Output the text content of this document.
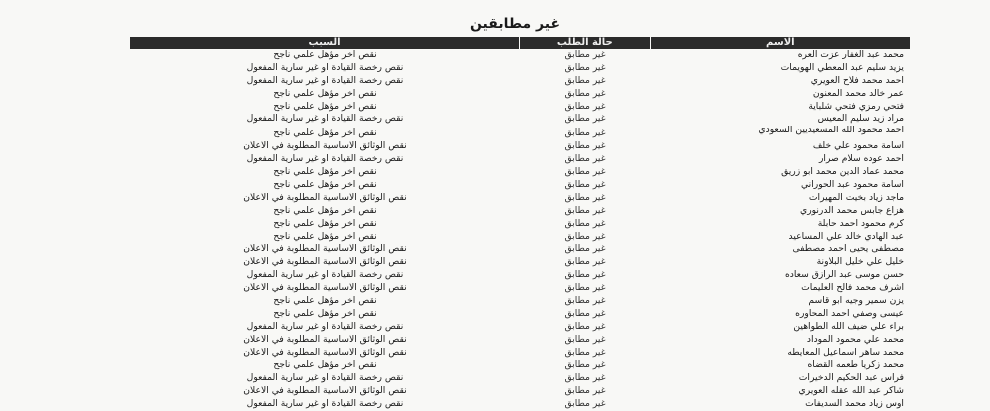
غير مطابقين
الاسم
حالة الطلب
السبب
محمد عبد الغفار عزت العره
غير مطابق
نقص اخر مؤهل علمي ناجح
يزيد سليم عبد المعطي الهويمات
غير مطابق
نقص رخصة القيادة او غير سارية المفعول
احمد محمد فلاح العويري
غير مطابق
نقص رخصة القيادة او غير سارية المفعول
عمر خالد محمد المعنون
غير مطابق
نقص اخر مؤهل علمي ناجح
فتحي رمزي فتحي شلباية
غير مطابق
نقص اخر مؤهل علمي ناجح
مراد زيد سليم المعيس
غير مطابق
نقص رخصة القيادة او غير سارية المفعول
احمد محمود الله المسعيديين السعودي
غير مطابق
نقص اخر مؤهل علمي ناجح
اسامة محمود علي خلف
غير مطابق
نقص الوثائق الاساسية المطلوبة في الاعلان
احمد عوده سلام صرار
غير مطابق
نقص رخصة القيادة او غير سارية المفعول
محمد عماد الدين محمد ابو زريق
غير مطابق
نقص اخر مؤهل علمي ناجح
اسامة محمود عبد الحوراني
غير مطابق
نقص اخر مؤهل علمي ناجح
ماجد زياد بخيت المهيرات
غير مطابق
نقص الوثائق الاساسية المطلوبة في الاعلان
هزاع جابس محمد الدرنوري
غير مطابق
نقص اخر مؤهل علمي ناجح
كرم محمود احمد حابلة
غير مطابق
نقص اخر مؤهل علمي ناجح
عبد الهادي خالد علي المساعيد
غير مطابق
نقص اخر مؤهل علمي ناجح
مصطفى يحيى احمد مصطفى
غير مطابق
نقص الوثائق الاساسية المطلوبة في الاعلان
خليل علي خليل البلاونة
غير مطابق
نقص الوثائق الاساسية المطلوبة في الاعلان
حسن موسى عبد الرازق سعاده
غير مطابق
نقص رخصة القيادة او غير سارية المفعول
اشرف محمد فالح العليمات
غير مطابق
نقص الوثائق الاساسية المطلوبة في الاعلان
يزن سمير وجيه ابو قاسم
غير مطابق
نقص اخر مؤهل علمي ناجح
عيسى وصفي احمد المحاوره
غير مطابق
نقص اخر مؤهل علمي ناجح
براء علي ضيف الله الطواهين
غير مطابق
نقص رخصة القيادة او غير سارية المفعول
محمد علي محمود الموداد
غير مطابق
نقص الوثائق الاساسية المطلوبة في الاعلان
محمد ساهر اسماعيل المعايطه
غير مطابق
نقص الوثائق الاساسية المطلوبة في الاعلان
محمد زكريا طعمه القضاه
غير مطابق
نقص اخر مؤهل علمي ناجح
فراس عبد الحكيم الدخيرات
غير مطابق
نقص رخصة القيادة او غير سارية المفعول
شاكر عبد الله عقله العويري
غير مطابق
نقص الوثائق الاساسية المطلوبة في الاعلان
اوس زياد محمد السديفات
غير مطابق
نقص رخصة القيادة او غير سارية المفعول
